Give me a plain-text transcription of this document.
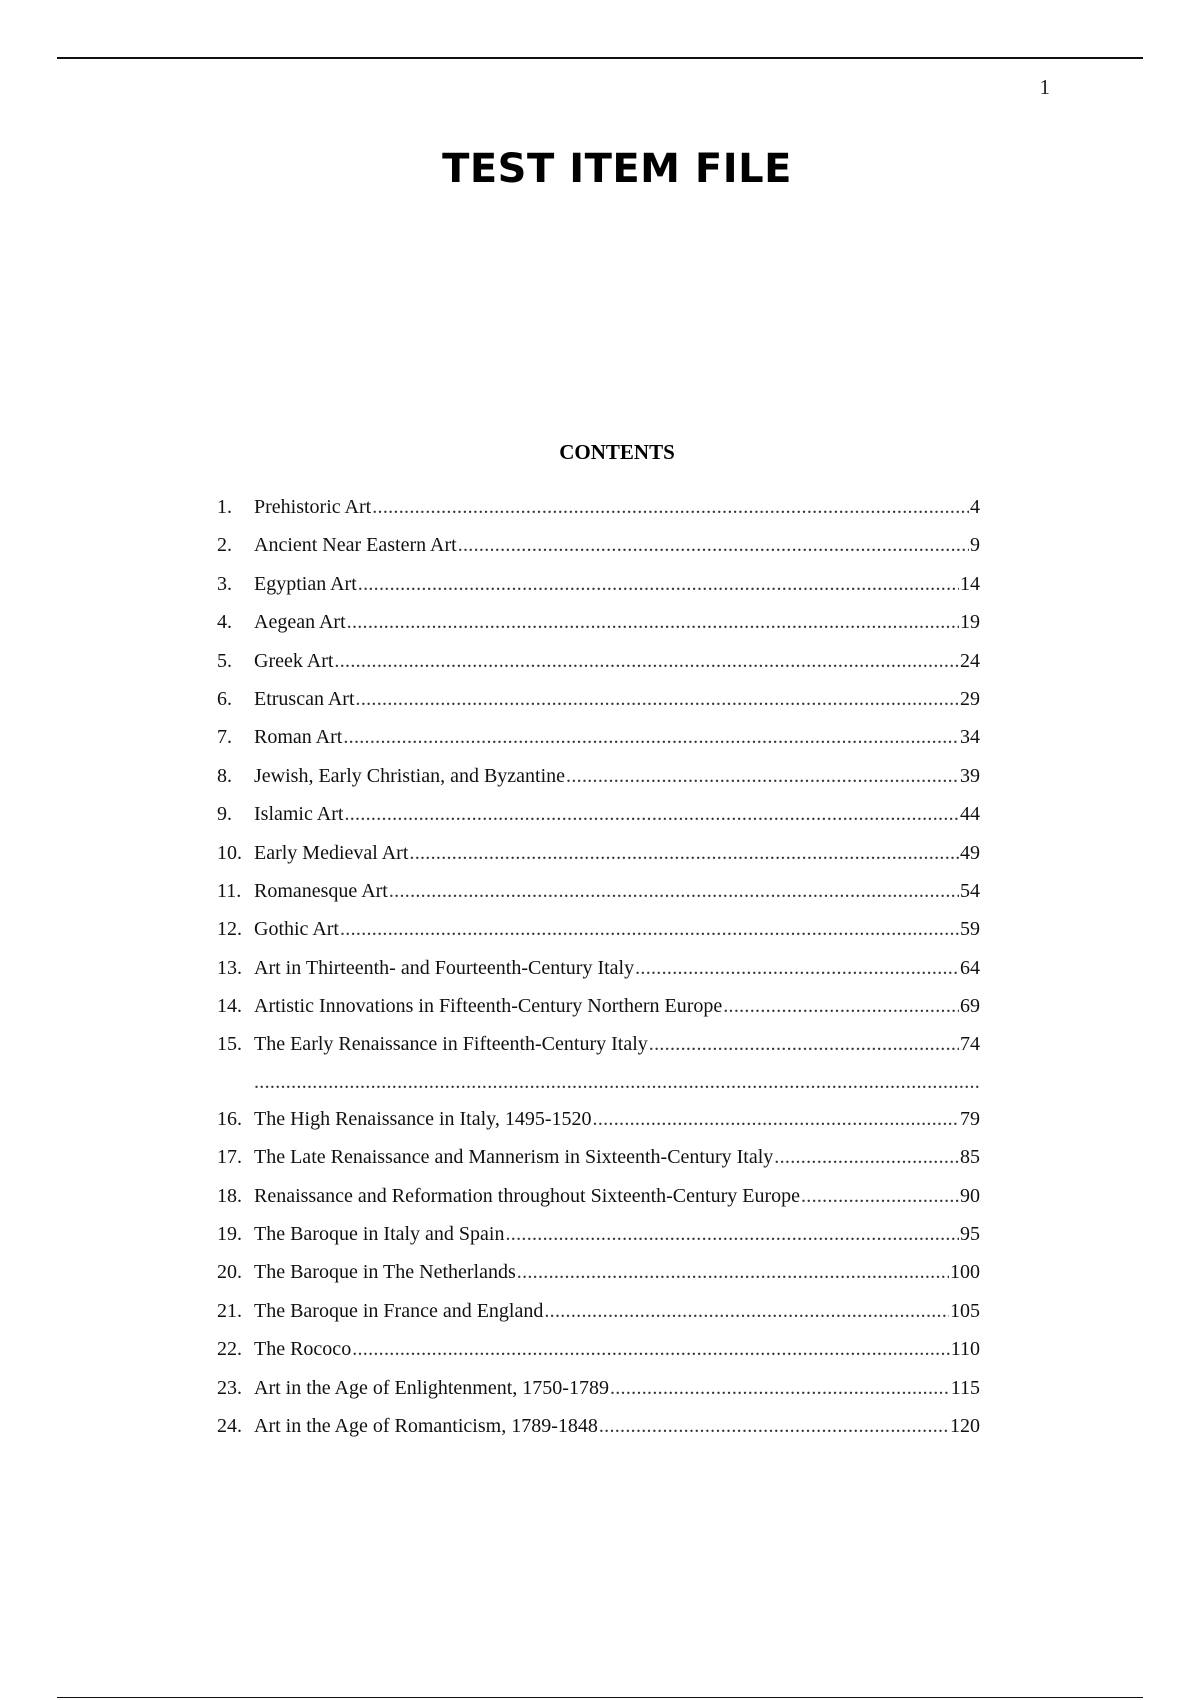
1
TEST ITEM FILE
CONTENTS
1.	Prehistoric Art .....	4
2.	Ancient Near Eastern Art .....	9
3.	Egyptian Art .....	14
4.	Aegean Art .....	19
5.	Greek Art .....	24
6.	Etruscan Art .....	29
7.	Roman Art .....	34
8.	Jewish, Early Christian, and Byzantine .....	39
9.	Islamic Art .....	44
10. Early Medieval Art .....	49
11. Romanesque Art .....	54
12. Gothic Art .....	59
13. Art in Thirteenth- and Fourteenth-Century Italy .....	64
14. Artistic Innovations in Fifteenth-Century Northern Europe .....	69
15. The Early Renaissance in Fifteenth-Century Italy .....	74
.....
16. The High Renaissance in Italy, 1495-1520 .....	79
17. The Late Renaissance and Mannerism in Sixteenth-Century Italy .....	85
18. Renaissance and Reformation throughout Sixteenth-Century Europe .....	90
19. The Baroque in Italy and Spain .....	95
20. The Baroque in The Netherlands .....	100
21. The Baroque in France and England .....	105
22. The Rococo .....	110
23. Art in the Age of Enlightenment, 1750-1789 .....	115
24. Art in the Age of Romanticism, 1789-1848 .....	120
